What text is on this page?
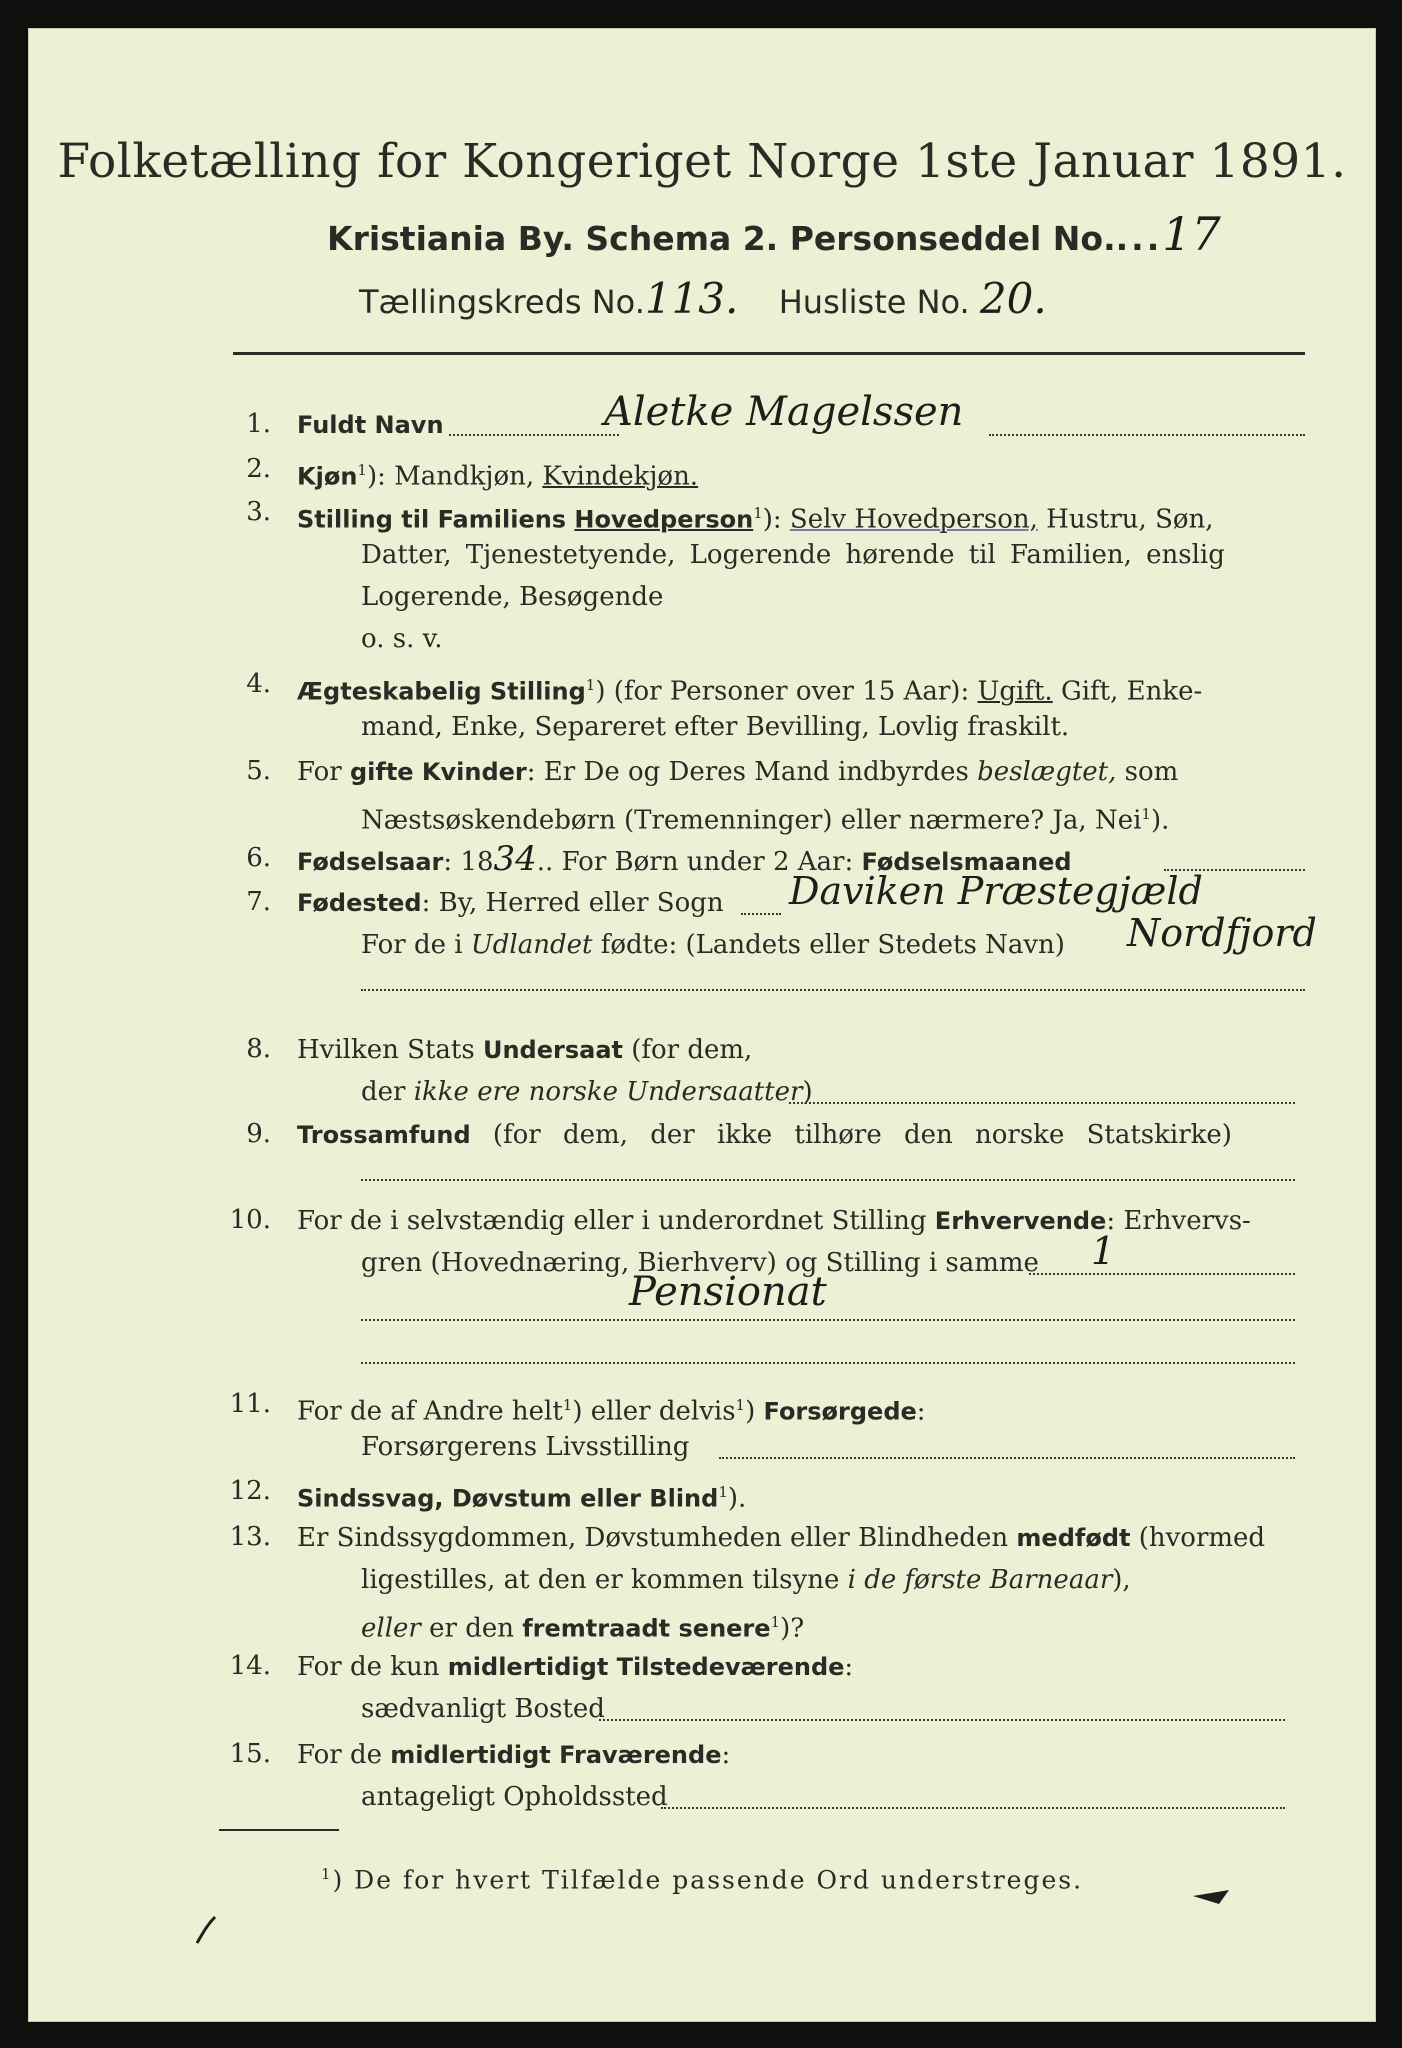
Folketælling for Kongeriget Norge 1ste Januar 1891.
Kristiania By. Schema 2. Personseddel No....17
Tællingskreds No.113. Husliste No. 20.
1. Fuldt Navn	Aletke Magelssen
2. Kjøn$^1$): Mandkjøn, Kvindekjøn.
3. Stilling til Familiens Hovedperson$^1$): Selv Hovedperson, Hustru, Søn,
Datter, Tjenestetyende, Logerende hørende til Familien, enslig
Logerende, Besøgende
o. s. v.
4. Ægteskabelig Stilling$^1$) (for Personer over 15 Aar): Ugift. Gift, Enke-
mand, Enke, Separeret efter Bevilling, Lovlig fraskilt.
5. For gifte Kvinder: Er De og Deres Mand indbyrdes beslægtet, som
Næstsøskendebørn (Tremenninger) eller nærmere? Ja, Nei$^1$).
6. Fødselsaar: 1834.. For Børn under 2 Aar: Fødselsmaaned
7. Fødested: By, Herred eller Sogn Daviken Præstegjæld
For de i Udlandet fødte: (Landets eller Stedets Navn) Nordfjord
8. Hvilken Stats Undersaat (for dem,
der ikke ere norske Undersaatter)
9. Trossamfund (for dem, der ikke tilhøre den norske Statskirke)
10. For de i selvstændig eller i underordnet Stilling Erhvervende: Erhvervs-
gren (Hovednæring, Bierhverv) og Stilling i samme 1
Pensionat
11. For de af Andre helt$^1$) eller delvis$^1$) Forsørgede:
Forsørgerens Livsstilling
12. Sindssvag, Døvstum eller Blind$^1$).
13. Er Sindssygdommen, Døvstumheden eller Blindheden medfødt (hvormed
ligestilles, at den er kommen tilsyne i de første Barneaar),
eller er den fremtraadt senere$^1$)?
14. For de kun midlertidigt Tilstedeværende:
sædvanligt Bosted
15. For de midlertidigt Fraværende:
antageligt Opholdssted
$^1$) De for hvert Tilfælde passende Ord understreges.
